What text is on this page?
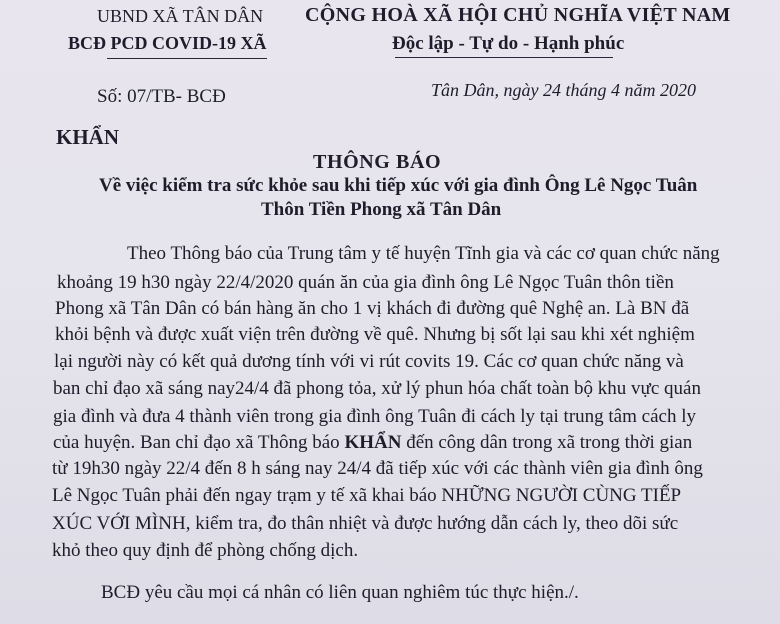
UBND XÃ TÂN DÂN
BCĐ PCD COVID-19 XÃ
CỘNG HOÀ XÃ HỘI CHỦ NGHĨA VIỆT NAM
Độc lập - Tự do - Hạnh phúc
Số: 07/TB- BCĐ	Tân Dân, ngày 24 tháng 4 năm 2020
KHẨN
THÔNG BÁO
Về việc kiểm tra sức khỏe sau khi tiếp xúc với gia đình Ông Lê Ngọc Tuân
Thôn Tiền Phong xã Tân Dân
Theo Thông báo của Trung tâm y tế huyện Tĩnh gia và các cơ quan chức năng
khoảng 19 h30 ngày 22/4/2020 quán ăn của gia đình ông Lê Ngọc Tuân thôn tiền
Phong xã Tân Dân có bán hàng ăn cho 1 vị khách đi đường quê Nghệ an. Là BN đã
khỏi bệnh và được xuất viện trên đường về quê. Nhưng bị sốt lại sau khi xét nghiệm
lại người này có kết quả dương tính với vi rút covits 19. Các cơ quan chức năng và
ban chỉ đạo xã sáng nay24/4 đã phong tỏa, xử lý phun hóa chất toàn bộ khu vực quán
gia đình và đưa 4 thành viên trong gia đình ông Tuân đi cách ly tại trung tâm cách ly
của huyện. Ban chỉ đạo xã Thông báo KHẨN đến công dân trong xã trong thời gian
từ 19h30 ngày 22/4 đến 8 h sáng nay 24/4 đã tiếp xúc với các thành viên gia đình ông
Lê Ngọc Tuân phải đến ngay trạm y tế xã khai báo NHỮNG NGƯỜI CÙNG TIẾP
XÚC VỚI MÌNH, kiểm tra, đo thân nhiệt và được hướng dẫn cách ly, theo dõi sức
khỏ theo quy định để phòng chống dịch.
BCĐ yêu cầu mọi cá nhân có liên quan nghiêm túc thực hiện./.
